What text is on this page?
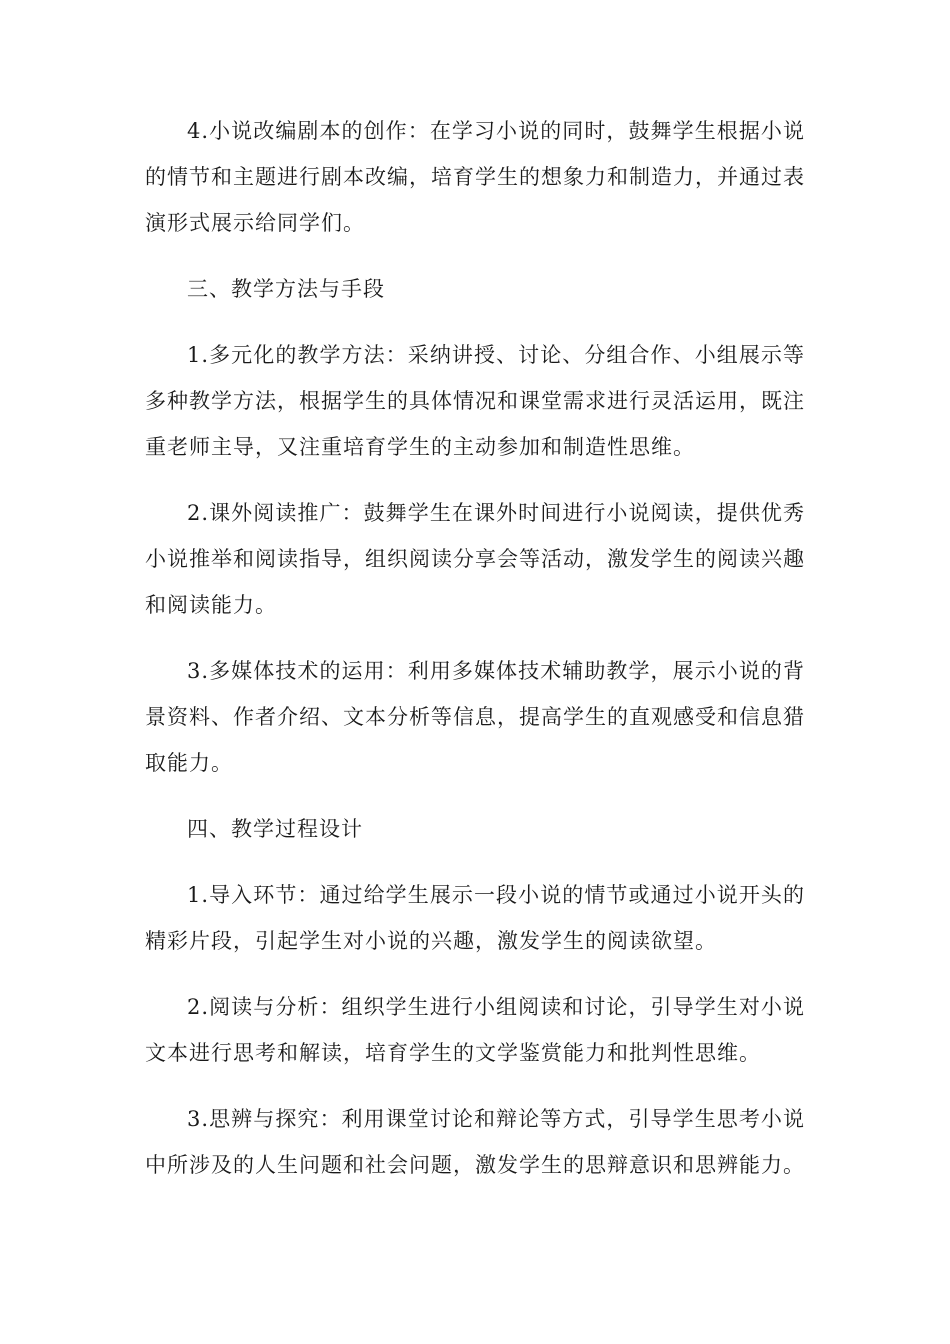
4.小说改编剧本的创作：在学习小说的同时，鼓舞学生根据小说的情节和主题进行剧本改编，培育学生的想象力和制造力，并通过表演形式展示给同学们。

三、教学方法与手段

1.多元化的教学方法：采纳讲授、讨论、分组合作、小组展示等多种教学方法，根据学生的具体情况和课堂需求进行灵活运用，既注重老师主导，又注重培育学生的主动参加和制造性思维。

2.课外阅读推广：鼓舞学生在课外时间进行小说阅读，提供优秀小说推举和阅读指导，组织阅读分享会等活动，激发学生的阅读兴趣和阅读能力。

3.多媒体技术的运用：利用多媒体技术辅助教学，展示小说的背景资料、作者介绍、文本分析等信息，提高学生的直观感受和信息猎取能力。

四、教学过程设计

1.导入环节：通过给学生展示一段小说的情节或通过小说开头的精彩片段，引起学生对小说的兴趣，激发学生的阅读欲望。

2.阅读与分析：组织学生进行小组阅读和讨论，引导学生对小说文本进行思考和解读，培育学生的文学鉴赏能力和批判性思维。

3.思辨与探究：利用课堂讨论和辩论等方式，引导学生思考小说中所涉及的人生问题和社会问题，激发学生的思辩意识和思辨能力。
